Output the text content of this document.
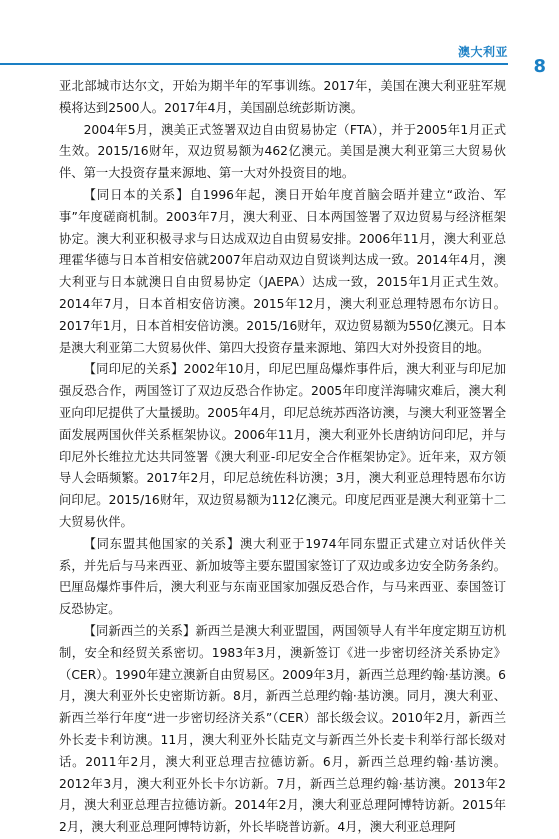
澳大利亚
8

亚北部城市达尔文，开始为期半年的军事训练。2017年，美国在澳大利亚驻军规模将达到2500人。2017年4月，美国副总统彭斯访澳。

2004年5月，澳美正式签署双边自由贸易协定（FTA），并于2005年1月正式生效。2015/16财年，双边贸易额为462亿澳元。美国是澳大利亚第三大贸易伙伴、第一大投资存量来源地、第一大对外投资目的地。

【同日本的关系】自1996年起，澳日开始年度首脑会晤并建立“政治、军事”年度磋商机制。2003年7月，澳大利亚、日本两国签署了双边贸易与经济框架协定。澳大利亚积极寻求与日达成双边自由贸易安排。2006年11月，澳大利亚总理霍华德与日本首相安倍就2007年启动双边自贸谈判达成一致。2014年4月，澳大利亚与日本就澳日自由贸易协定（JAEPA）达成一致，2015年1月正式生效。2014年7月，日本首相安倍访澳。2015年12月，澳大利亚总理特恩布尔访日。2017年1月，日本首相安倍访澳。2015/16财年，双边贸易额为550亿澳元。日本是澳大利亚第二大贸易伙伴、第四大投资存量来源地、第四大对外投资目的地。

【同印尼的关系】2002年10月，印尼巴厘岛爆炸事件后，澳大利亚与印尼加强反恐合作，两国签订了双边反恐合作协定。2005年印度洋海啸灾难后，澳大利亚向印尼提供了大量援助。2005年4月，印尼总统苏西洛访澳，与澳大利亚签署全面发展两国伙伴关系框架协议。2006年11月，澳大利亚外长唐纳访问印尼，并与印尼外长维拉尤达共同签署《澳大利亚-印尼安全合作框架协定》。近年来，双方领导人会晤频繁。2017年2月，印尼总统佐科访澳；3月，澳大利亚总理特恩布尔访问印尼。2015/16财年，双边贸易额为112亿澳元。印度尼西亚是澳大利亚第十二大贸易伙伴。

【同东盟其他国家的关系】澳大利亚于1974年同东盟正式建立对话伙伴关系，并先后与马来西亚、新加坡等主要东盟国家签订了双边或多边安全防务条约。巴厘岛爆炸事件后，澳大利亚与东南亚国家加强反恐合作，与马来西亚、泰国签订反恐协定。

【同新西兰的关系】新西兰是澳大利亚盟国，两国领导人有半年度定期互访机制，安全和经贸关系密切。1983年3月，澳新签订《进一步密切经济关系协定》（CER）。1990年建立澳新自由贸易区。2009年3月，新西兰总理约翰·基访澳。6月，澳大利亚外长史密斯访新。8月，新西兰总理约翰·基访澳。同月，澳大利亚、新西兰举行年度“进一步密切经济关系”（CER）部长级会议。2010年2月，新西兰外长麦卡利访澳。11月，澳大利亚外长陆克文与新西兰外长麦卡利举行部长级对话。2011年2月，澳大利亚总理吉拉德访新。6月，新西兰总理约翰·基访澳。2012年3月，澳大利亚外长卡尔访新。7月，新西兰总理约翰·基访澳。2013年2月，澳大利亚总理吉拉德访新。2014年2月，澳大利亚总理阿博特访新。2015年2月，澳大利亚总理阿博特访新，外长毕晓普访新。4月，澳大利亚总理阿
